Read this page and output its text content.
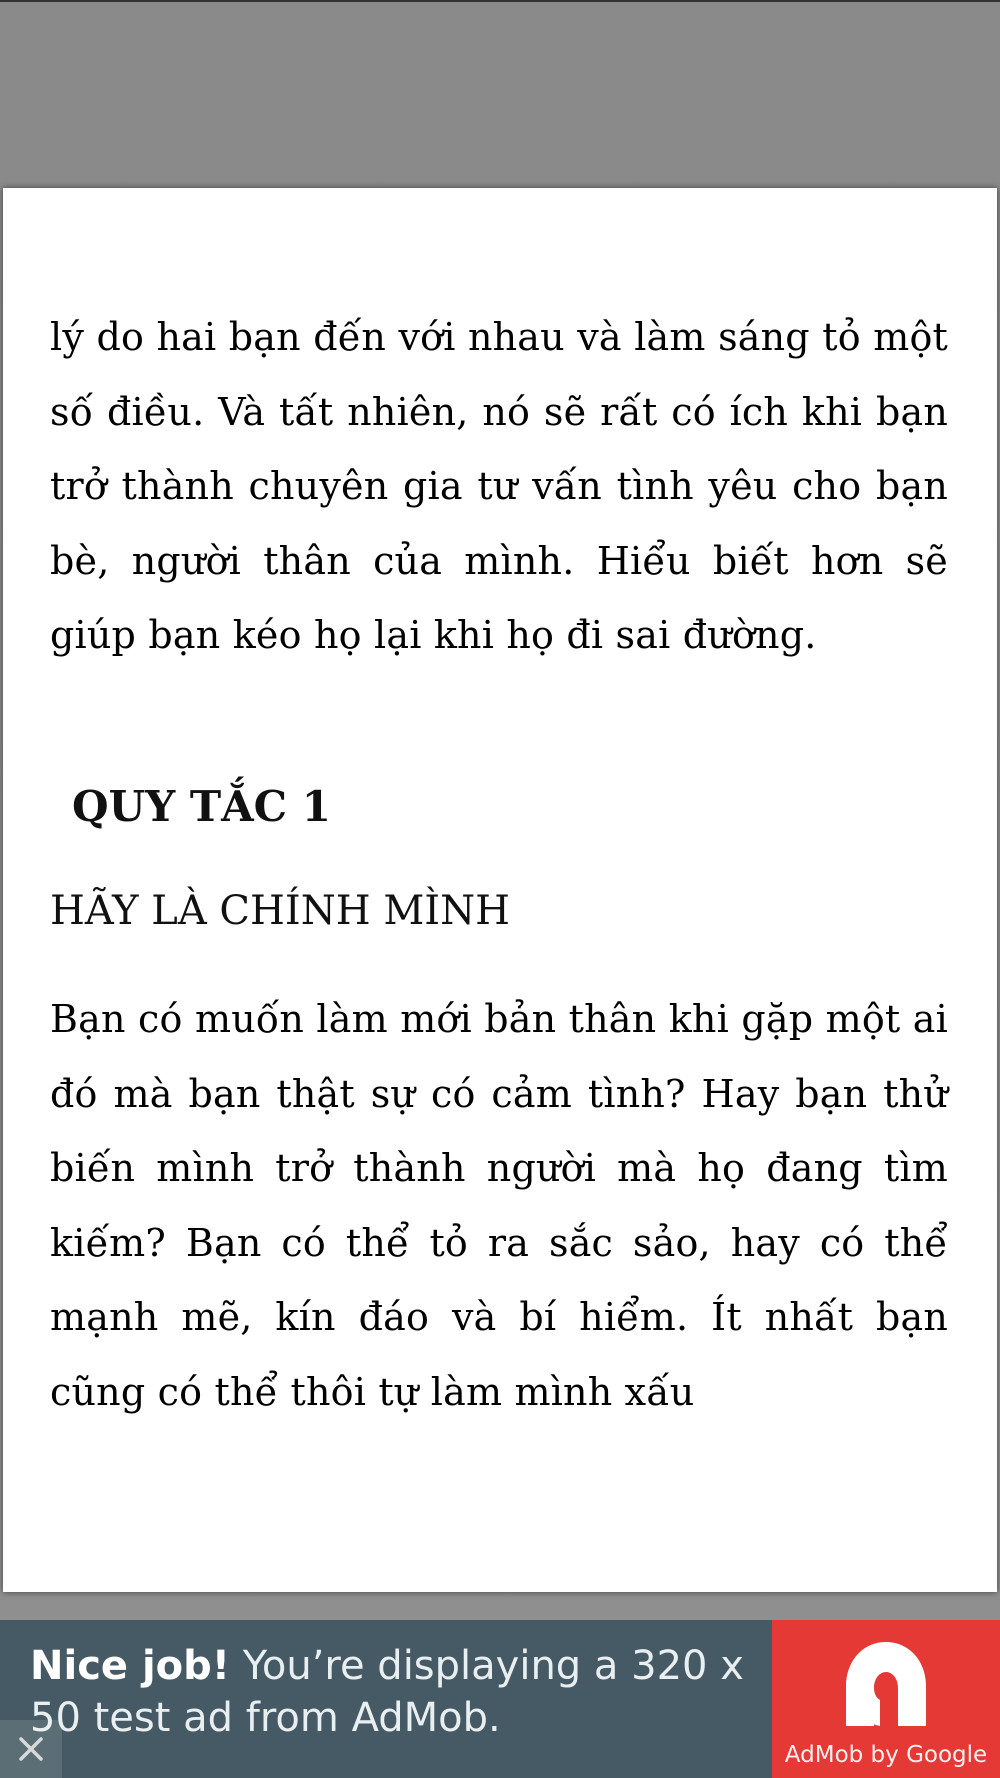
lý do hai bạn đến với nhau và làm sáng tỏ một số điều. Và tất nhiên, nó sẽ rất có ích khi bạn trở thành chuyên gia tư vấn tình yêu cho bạn bè, người thân của mình. Hiểu biết hơn sẽ giúp bạn kéo họ lại khi họ đi sai đường.

QUY TẮC 1

HÃY LÀ CHÍNH MÌNH

Bạn có muốn làm mới bản thân khi gặp một ai đó mà bạn thật sự có cảm tình? Hay bạn thử biến mình trở thành người mà họ đang tìm kiếm? Bạn có thể tỏ ra sắc sảo, hay có thể mạnh mẽ, kín đáo và bí hiểm. Ít nhất bạn cũng có thể thôi tự làm mình xấu

Nice job! You’re displaying a 320 x 50 test ad from AdMob.
AdMob by Google
